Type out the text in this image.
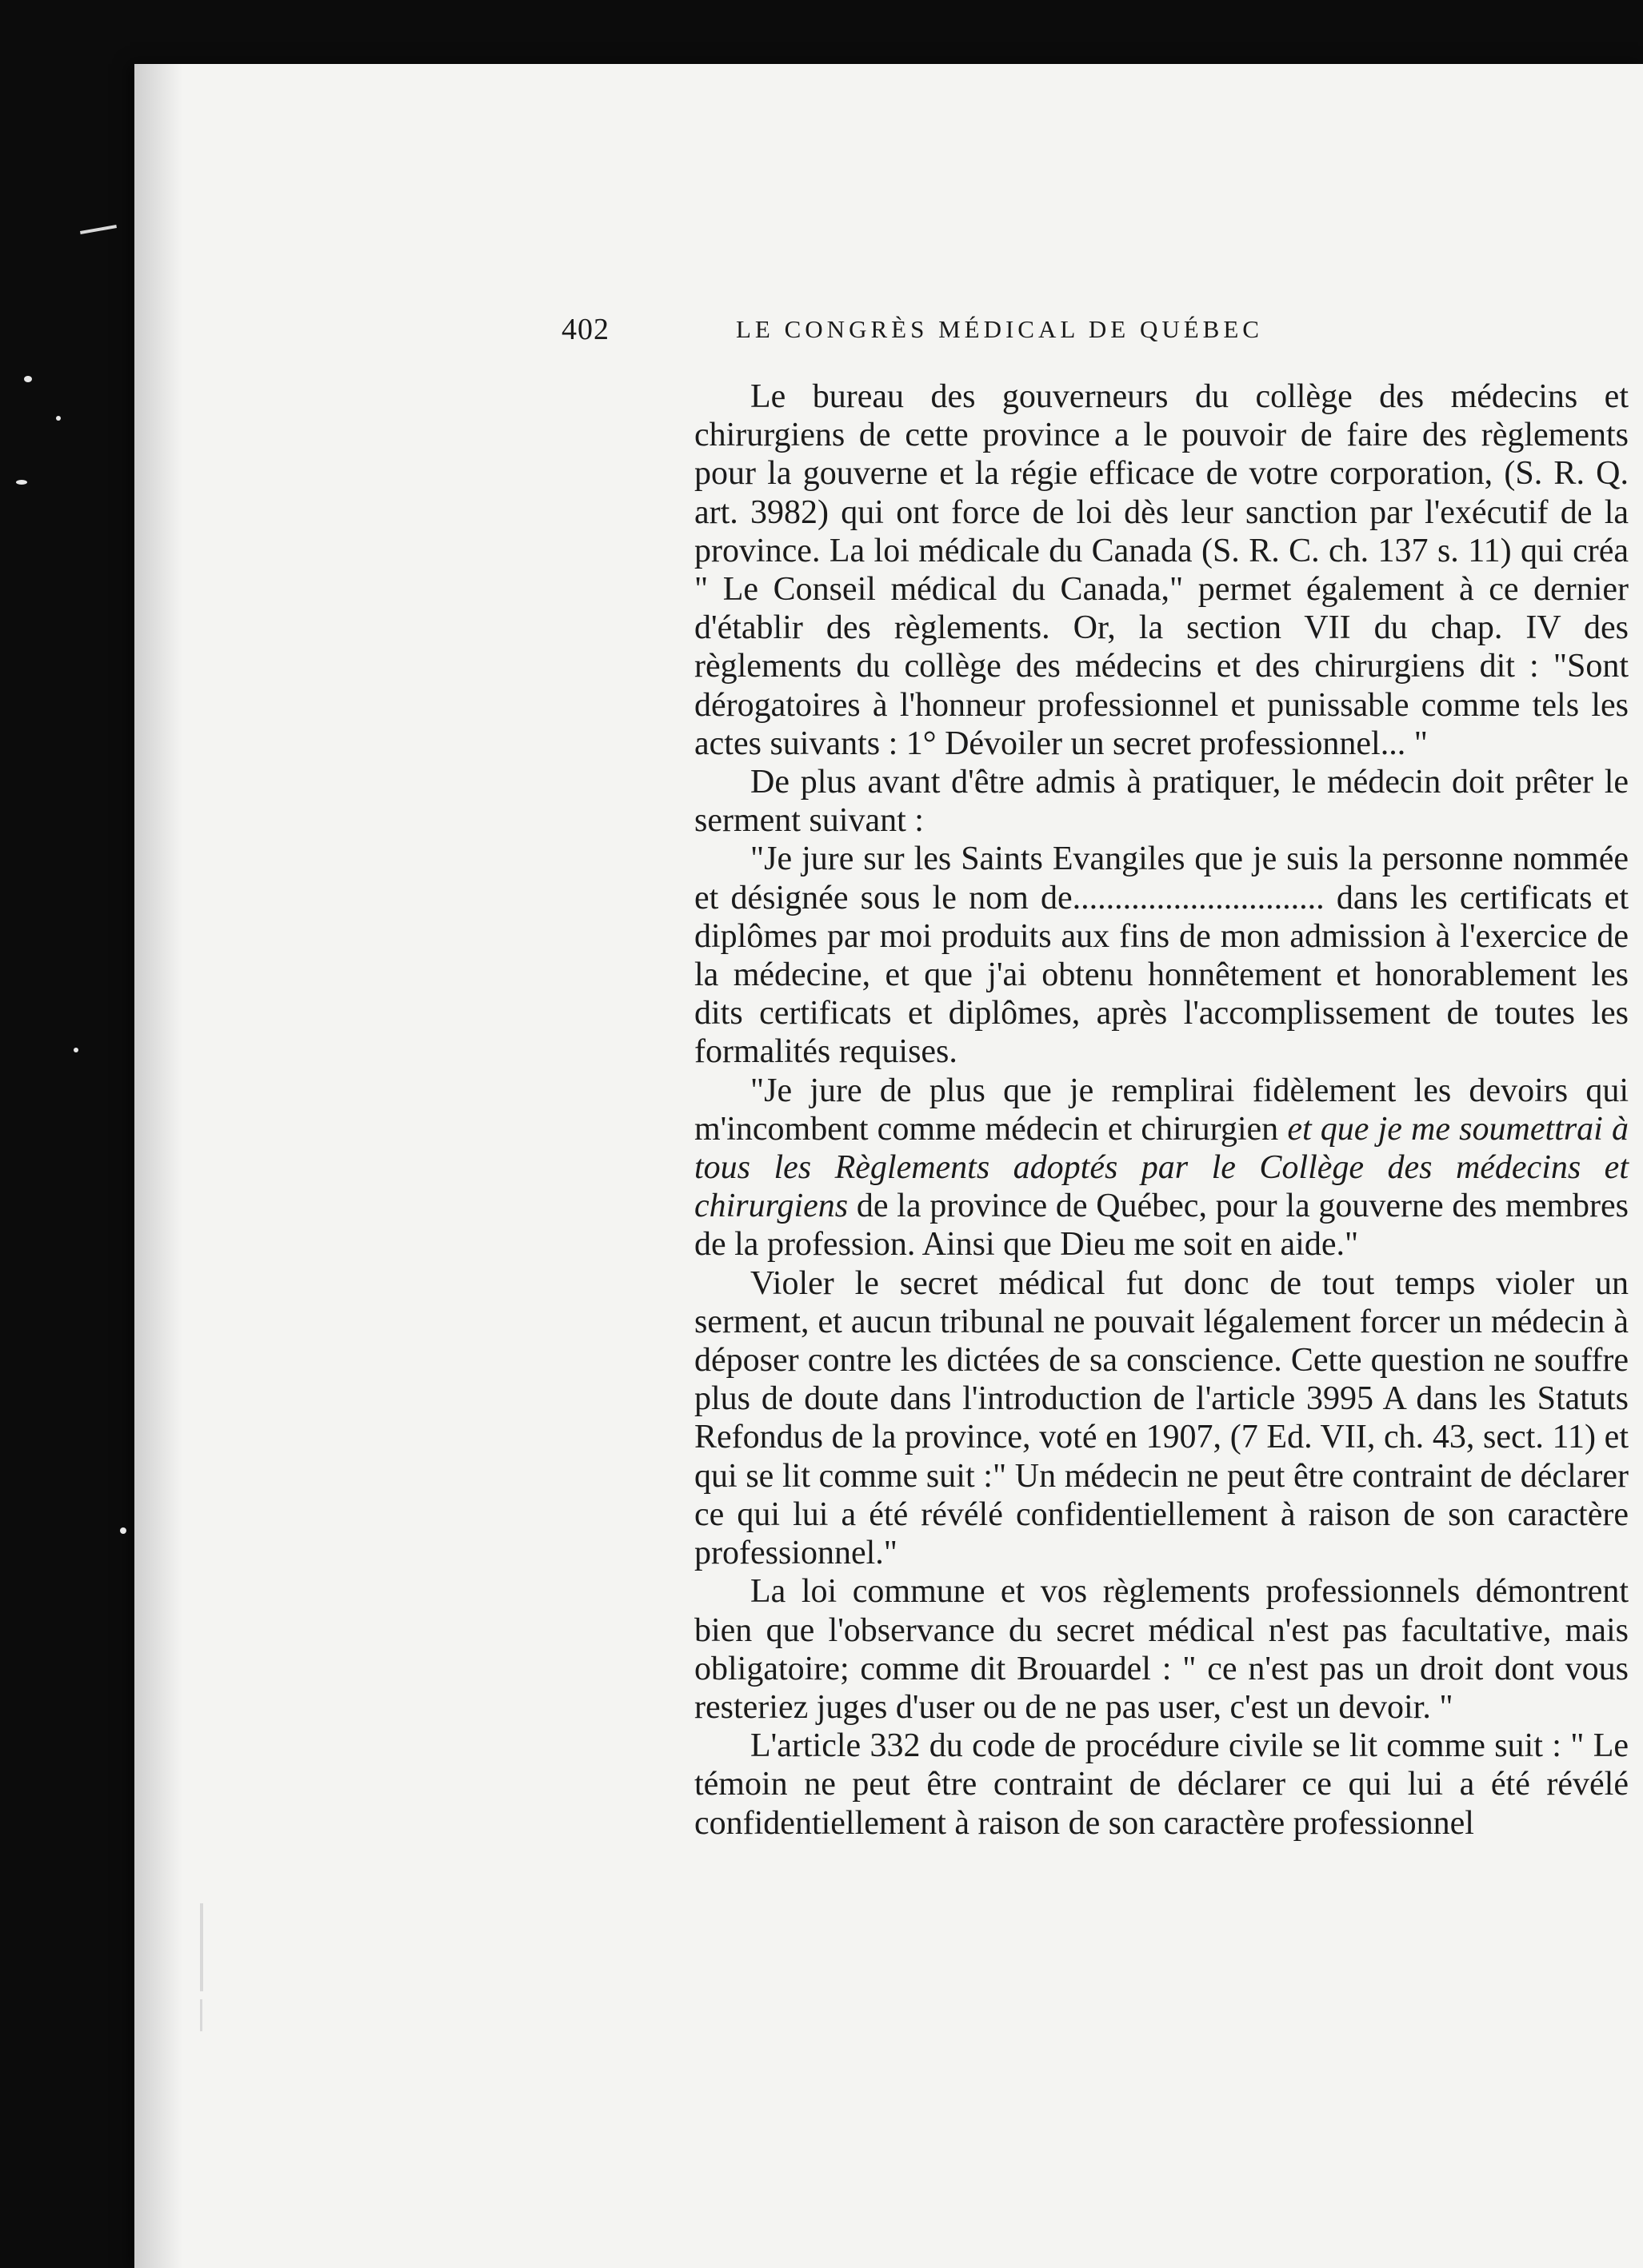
402	LE CONGRÈS MÉDICAL DE QUÉBEC

Le bureau des gouverneurs du collège des médecins et chirurgiens de cette province a le pouvoir de faire des règlements pour la gouverne et la régie efficace de votre corporation, (S. R. Q. art. 3982) qui ont force de loi dès leur sanction par l'exécutif de la province. La loi médicale du Canada (S. R. C. ch. 137 s. 11) qui créa " Le Conseil médical du Canada," permet également à ce dernier d'établir des règlements. Or, la section VII du chap. IV des règlements du collège des médecins et des chirurgiens dit : "Sont dérogatoires à l'honneur professionnel et punissable comme tels les actes suivants : 1° Dévoiler un secret professionnel... "

De plus avant d'être admis à pratiquer, le médecin doit prêter le serment suivant :

"Je jure sur les Saints Evangiles que je suis la personne nommée et désignée sous le nom de.............................. dans les certificats et diplômes par moi produits aux fins de mon admission à l'exercice de la médecine, et que j'ai obtenu honnêtement et honorablement les dits certificats et diplômes, après l'accomplissement de toutes les formalités requises.

"Je jure de plus que je remplirai fidèlement les devoirs qui m'incombent comme médecin et chirurgien et que je me soumettrai à tous les Règlements adoptés par le Collège des médecins et chirurgiens de la province de Québec, pour la gouverne des membres de la profession. Ainsi que Dieu me soit en aide."

Violer le secret médical fut donc de tout temps violer un serment, et aucun tribunal ne pouvait légalement forcer un médecin à déposer contre les dictées de sa conscience. Cette question ne souffre plus de doute dans l'introduction de l'article 3995 A dans les Statuts Refondus de la province, voté en 1907, (7 Ed. VII, ch. 43, sect. 11) et qui se lit comme suit :" Un médecin ne peut être contraint de déclarer ce qui lui a été révélé confidentiellement à raison de son caractère professionnel."

La loi commune et vos règlements professionnels démontrent bien que l'observance du secret médical n'est pas facultative, mais obligatoire; comme dit Brouardel : " ce n'est pas un droit dont vous resteriez juges d'user ou de ne pas user, c'est un devoir. "

L'article 332 du code de procédure civile se lit comme suit : " Le témoin ne peut être contraint de déclarer ce qui lui a été révélé confidentiellement à raison de son caractère professionnel
